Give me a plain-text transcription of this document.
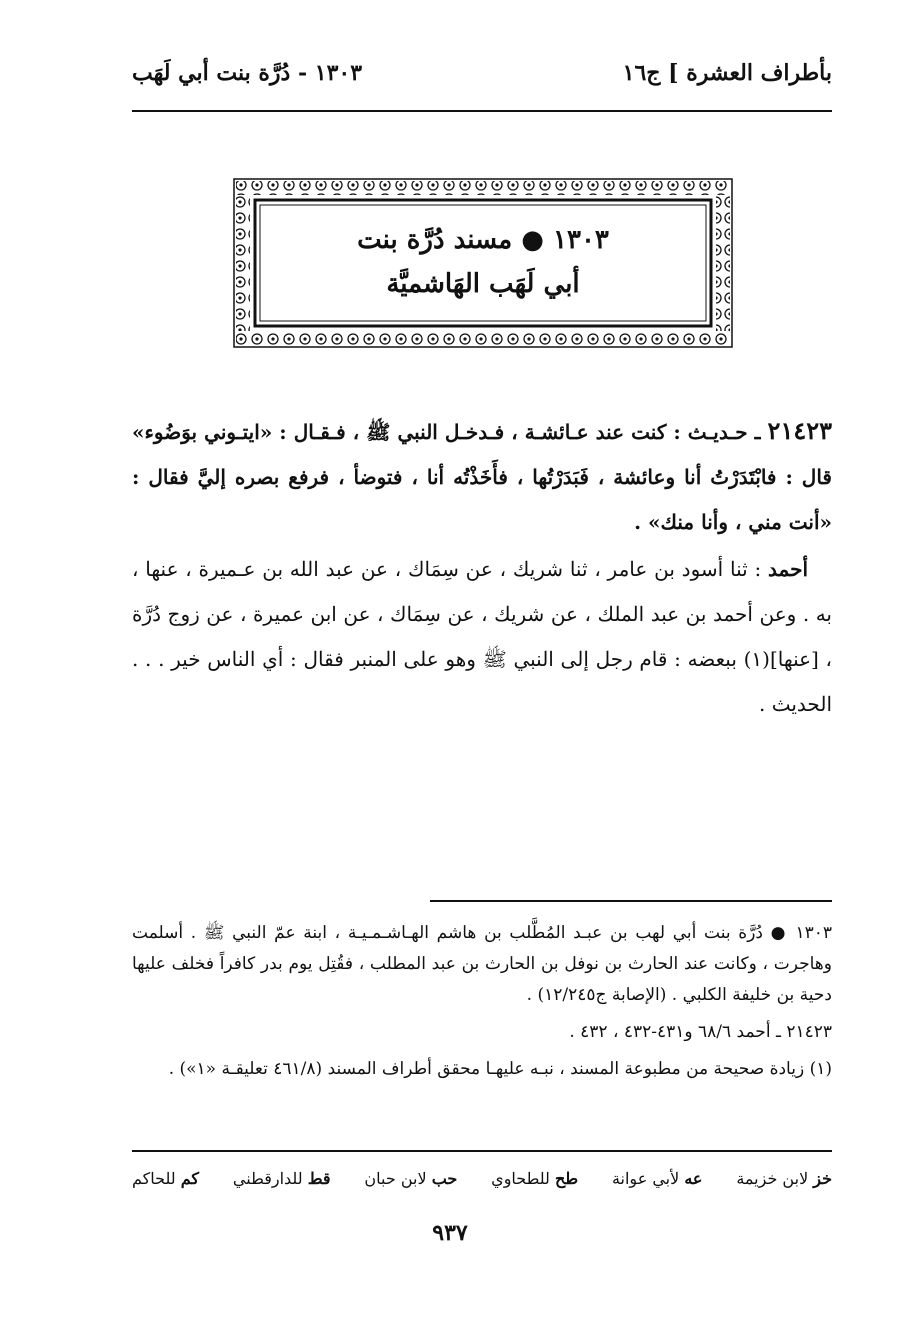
بأطراف العشرة ] ج١٦
١٣٠٣ - دُرَّة بنت أبي لَهَب
١٣٠٣ ● مسند دُرَّة بنت
أبي لَهَب الهَاشميَّة

٢١٤٢٣ ـ حـديـث : كنت عند عـائشـة ، فـدخـل النبي ﷺ ، فـقـال : «ايتـوني بوَضُوء» قال : فابْتَدَرْتُ أنا وعائشة ، فَبَدَرْتُها ، فأَخَذْتُه أنا ، فتوضأ ، فرفع بصره إليَّ فقال : «أنت مني ، وأنا منك» .

أحمد : ثنا أسود بن عامر ، ثنا شريك ، عن سِمَاك ، عن عبد الله بن عـميرة ، عنها ، به . وعن أحمد بن عبد الملك ، عن شريك ، عن سِمَاك ، عن ابن عميرة ، عن زوج دُرَّة ، [عنها](١) ببعضه : قام رجل إلى النبي ﷺ وهو على المنبر فقال : أي الناس خير . . . الحديث .

١٣٠٣ ● دُرَّة بنت أبي لهب بن عبـد المُطَّلب بن هاشم الهـاشـمـيـة ، ابنة عمّ النبي ﷺ . أسلمت وهاجرت ، وكانت عند الحارث بن نوفل بن الحارث بن عبد المطلب ، فقُتِل يوم بدر كافراً فخلف عليها دحية بن خليفة الكلبي . (الإصابة ج١٢/٢٤٥) .

٢١٤٢٣ ـ أحمد ٦٨/٦ و٤٣١-٤٣٢ ، ٤٣٢ .

(١) زيادة صحيحة من مطبوعة المسند ، نبـه عليهـا محقق أطراف المسند (٤٦١/٨ تعليقـة «١») .

خز لابن خزيمة
عه لأبي عوانة
طح للطحاوي
حب لابن حبان
قط للدارقطني
كم للحاكم
٩٣٧
